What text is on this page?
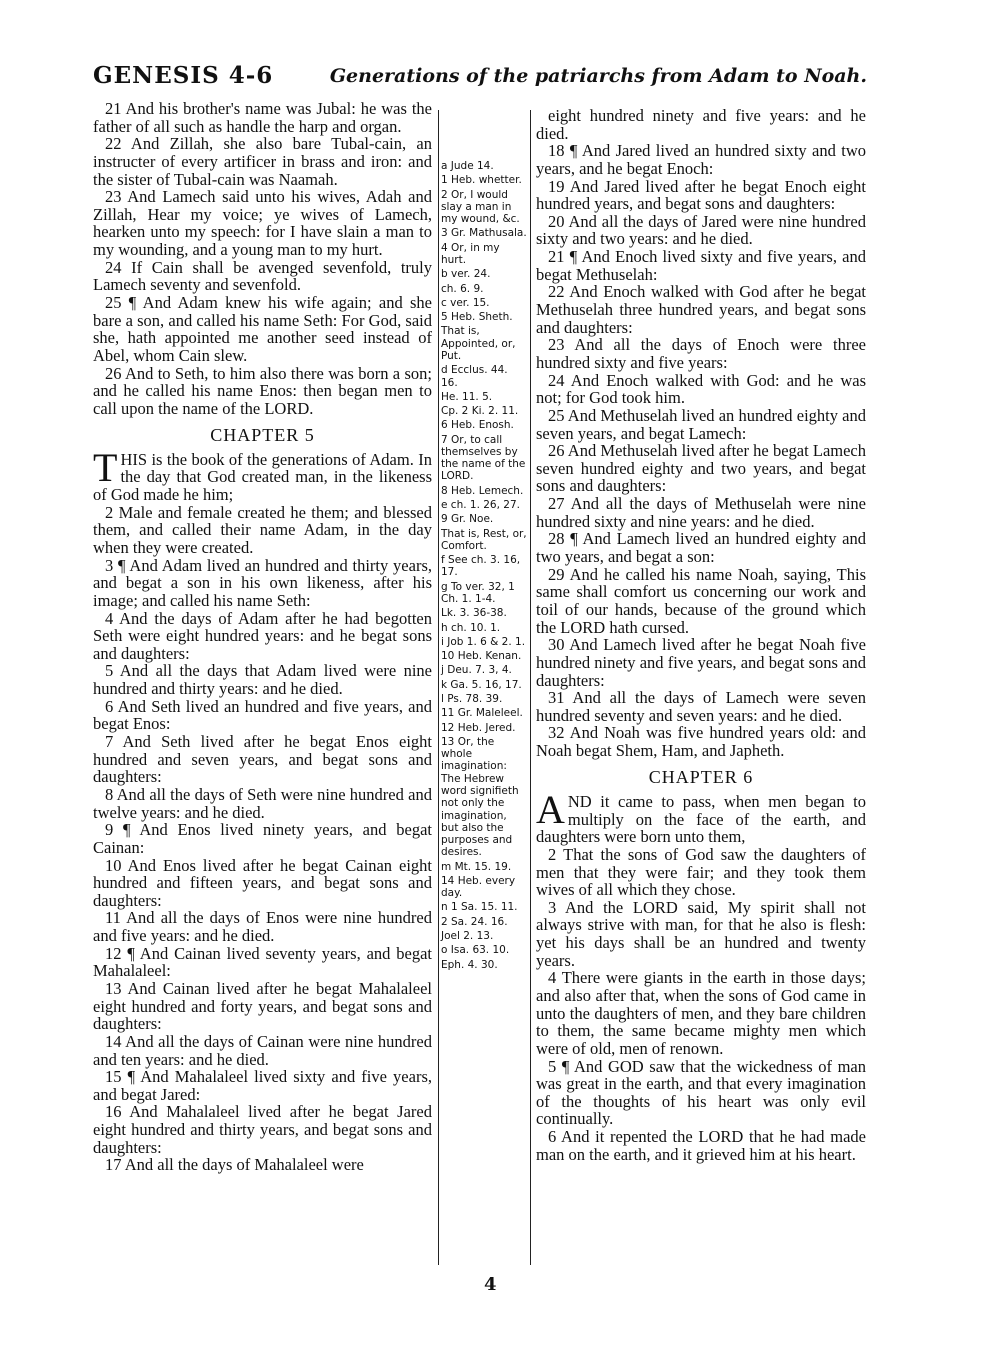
GENESIS 4-6	Generations of the patriarchs from Adam to Noah.

21 And his brother's name was Jubal: he was the father of all such as handle the harp and organ.

22 And Zillah, she also bare Tubal-cain, an instructer of every artificer in brass and iron: and the sister of Tubal-cain was Naamah.

23 And Lamech said unto his wives, Adah and Zillah, Hear my voice; ye wives of Lamech, hearken unto my speech: for I have slain a man to my wounding, and a young man to my hurt.

24 If Cain shall be avenged sevenfold, truly Lamech seventy and sevenfold.

25 ¶ And Adam knew his wife again; and she bare a son, and called his name Seth: For God, said she, hath appointed me another seed instead of Abel, whom Cain slew.

26 And to Seth, to him also there was born a son; and he called his name Enos: then began men to call upon the name of the LORD.

CHAPTER 5

THIS is the book of the generations of Adam. In the day that God created man, in the likeness of God made he him;

2 Male and female created he them; and blessed them, and called their name Adam, in the day when they were created.

3 ¶ And Adam lived an hundred and thirty years, and begat a son in his own likeness, after his image; and called his name Seth:

4 And the days of Adam after he had begotten Seth were eight hundred years: and he begat sons and daughters:

5 And all the days that Adam lived were nine hundred and thirty years: and he died.

6 And Seth lived an hundred and five years, and begat Enos:

7 And Seth lived after he begat Enos eight hundred and seven years, and begat sons and daughters:

8 And all the days of Seth were nine hundred and twelve years: and he died.

9 ¶ And Enos lived ninety years, and begat Cainan:

10 And Enos lived after he begat Cainan eight hundred and fifteen years, and begat sons and daughters:

11 And all the days of Enos were nine hundred and five years: and he died.

12 ¶ And Cainan lived seventy years, and begat Mahalaleel:

13 And Cainan lived after he begat Mahalaleel eight hundred and forty years, and begat sons and daughters:

14 And all the days of Cainan were nine hundred and ten years: and he died.

15 ¶ And Mahalaleel lived sixty and five years, and begat Jared:

16 And Mahalaleel lived after he begat Jared eight hundred and thirty years, and begat sons and daughters:

17 And all the days of Mahalaleel were

a Jude 14.
1 Heb. whetter.
2 Or, I would slay a man in my wound, &c.
3 Gr. Mathusala.
4 Or, in my hurt.
b ver. 24.
ch. 6. 9.
c ver. 15.
5 Heb. Sheth.
That is, Appointed, or, Put.
d Ecclus. 44. 16.
He. 11. 5.
Cp. 2 Ki. 2. 11.
6 Heb. Enosh.
7 Or, to call themselves by the name of the LORD.
8 Heb. Lemech.
e ch. 1. 26, 27.
9 Gr. Noe.
That is, Rest, or, Comfort.
f See ch. 3. 16, 17.
g To ver. 32, 1 Ch. 1. 1-4.
Lk. 3. 36-38.
h ch. 10. 1.
i Job 1. 6 & 2. 1.
10 Heb. Kenan.
j Deu. 7. 3, 4.
k Ga. 5. 16, 17.
l Ps. 78. 39.
11 Gr. Maleleel.
12 Heb. Jered.
13 Or, the whole imagination: The Hebrew word signifieth not only the imagination, but also the purposes and desires.
m Mt. 15. 19.
14 Heb. every day.
n 1 Sa. 15. 11.
2 Sa. 24. 16.
Joel 2. 13.
o Isa. 63. 10.
Eph. 4. 30.

eight hundred ninety and five years: and he died.

18 ¶ And Jared lived an hundred sixty and two years, and he begat Enoch:

19 And Jared lived after he begat Enoch eight hundred years, and begat sons and daughters:

20 And all the days of Jared were nine hundred sixty and two years: and he died.

21 ¶ And Enoch lived sixty and five years, and begat Methuselah:

22 And Enoch walked with God after he begat Methuselah three hundred years, and begat sons and daughters:

23 And all the days of Enoch were three hundred sixty and five years:

24 And Enoch walked with God: and he was not; for God took him.

25 And Methuselah lived an hundred eighty and seven years, and begat Lamech:

26 And Methuselah lived after he begat Lamech seven hundred eighty and two years, and begat sons and daughters:

27 And all the days of Methuselah were nine hundred sixty and nine years: and he died.

28 ¶ And Lamech lived an hundred eighty and two years, and begat a son:

29 And he called his name Noah, saying, This same shall comfort us concerning our work and toil of our hands, because of the ground which the LORD hath cursed.

30 And Lamech lived after he begat Noah five hundred ninety and five years, and begat sons and daughters:

31 And all the days of Lamech were seven hundred seventy and seven years: and he died.

32 And Noah was five hundred years old: and Noah begat Shem, Ham, and Japheth.

CHAPTER 6

AND it came to pass, when men began to multiply on the face of the earth, and daughters were born unto them,

2 That the sons of God saw the daughters of men that they were fair; and they took them wives of all which they chose.

3 And the LORD said, My spirit shall not always strive with man, for that he also is flesh: yet his days shall be an hundred and twenty years.

4 There were giants in the earth in those days; and also after that, when the sons of God came in unto the daughters of men, and they bare children to them, the same became mighty men which were of old, men of renown.

5 ¶ And GOD saw that the wickedness of man was great in the earth, and that every imagination of the thoughts of his heart was only evil continually.

6 And it repented the LORD that he had made man on the earth, and it grieved him at his heart.

4
